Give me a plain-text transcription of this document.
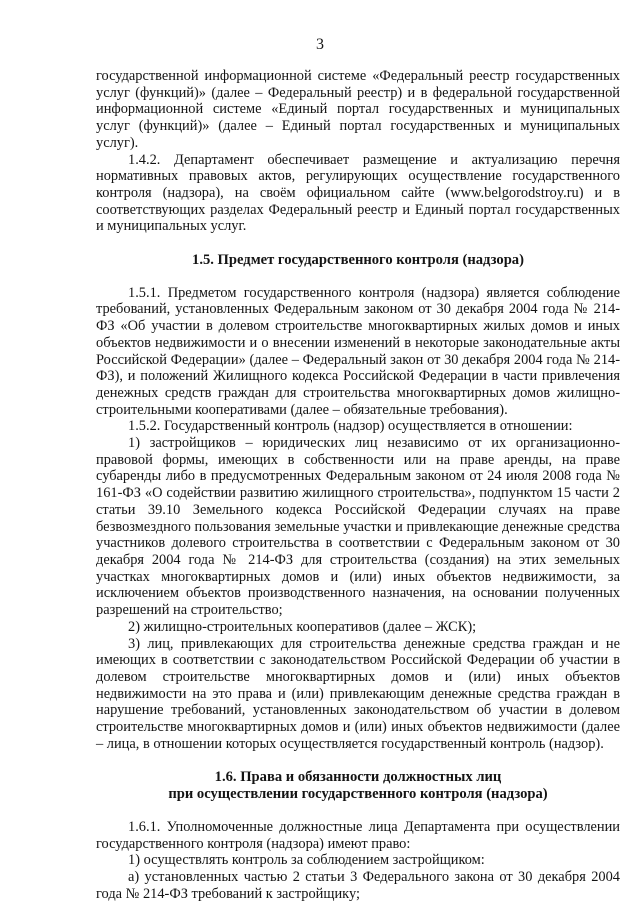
3

государственной информационной системе «Федеральный реестр государственных услуг (функций)» (далее – Федеральный реестр) и в федеральной государственной информационной системе «Единый портал государственных и муниципальных услуг (функций)» (далее – Единый портал государственных и муниципальных услуг).

1.4.2. Департамент обеспечивает размещение и актуализацию перечня нормативных правовых актов, регулирующих осуществление государственного контроля (надзора), на своём официальном сайте (www.belgorodstroy.ru) и в соответствующих разделах Федеральный реестр и Единый портал государственных и муниципальных услуг.

1.5. Предмет государственного контроля (надзора)

1.5.1. Предметом государственного контроля (надзора) является соблюдение требований, установленных Федеральным законом от 30 декабря 2004 года № 214-ФЗ «Об участии в долевом строительстве многоквартирных жилых домов и иных объектов недвижимости и о внесении изменений в некоторые законодательные акты Российской Федерации» (далее – Федеральный закон от 30 декабря 2004 года № 214-ФЗ), и положений Жилищного кодекса Российской Федерации в части привлечения денежных средств граждан для строительства многоквартирных домов жилищно-строительными кооперативами (далее – обязательные требования).

1.5.2. Государственный контроль (надзор) осуществляется в отношении:

1) застройщиков – юридических лиц независимо от их организационно-правовой формы, имеющих в собственности или на праве аренды, на праве субаренды либо в предусмотренных Федеральным законом от 24 июля 2008 года № 161-ФЗ «О содействии развитию жилищного строительства», подпунктом 15 части 2 статьи 39.10 Земельного кодекса Российской Федерации случаях на праве безвозмездного пользования земельные участки и привлекающие денежные средства участников долевого строительства в соответствии с Федеральным законом от 30 декабря 2004 года № 214-ФЗ для строительства (создания) на этих земельных участках многоквартирных домов и (или) иных объектов недвижимости, за исключением объектов производственного назначения, на основании полученных разрешений на строительство;

2) жилищно-строительных кооперативов (далее – ЖСК);

3) лиц, привлекающих для строительства денежные средства граждан и не имеющих в соответствии с законодательством Российской Федерации об участии в долевом строительстве многоквартирных домов и (или) иных объектов недвижимости на это права и (или) привлекающим денежные средства граждан в нарушение требований, установленных законодательством об участии в долевом строительстве многоквартирных домов и (или) иных объектов недвижимости (далее – лица, в отношении которых осуществляется государственный контроль (надзор).

1.6. Права и обязанности должностных лиц

при осуществлении государственного контроля (надзора)

1.6.1. Уполномоченные должностные лица Департамента при осуществлении государственного контроля (надзора) имеют право:

1) осуществлять контроль за соблюдением застройщиком:

а) установленных частью 2 статьи 3 Федерального закона от 30 декабря 2004 года № 214-ФЗ требований к застройщику;
